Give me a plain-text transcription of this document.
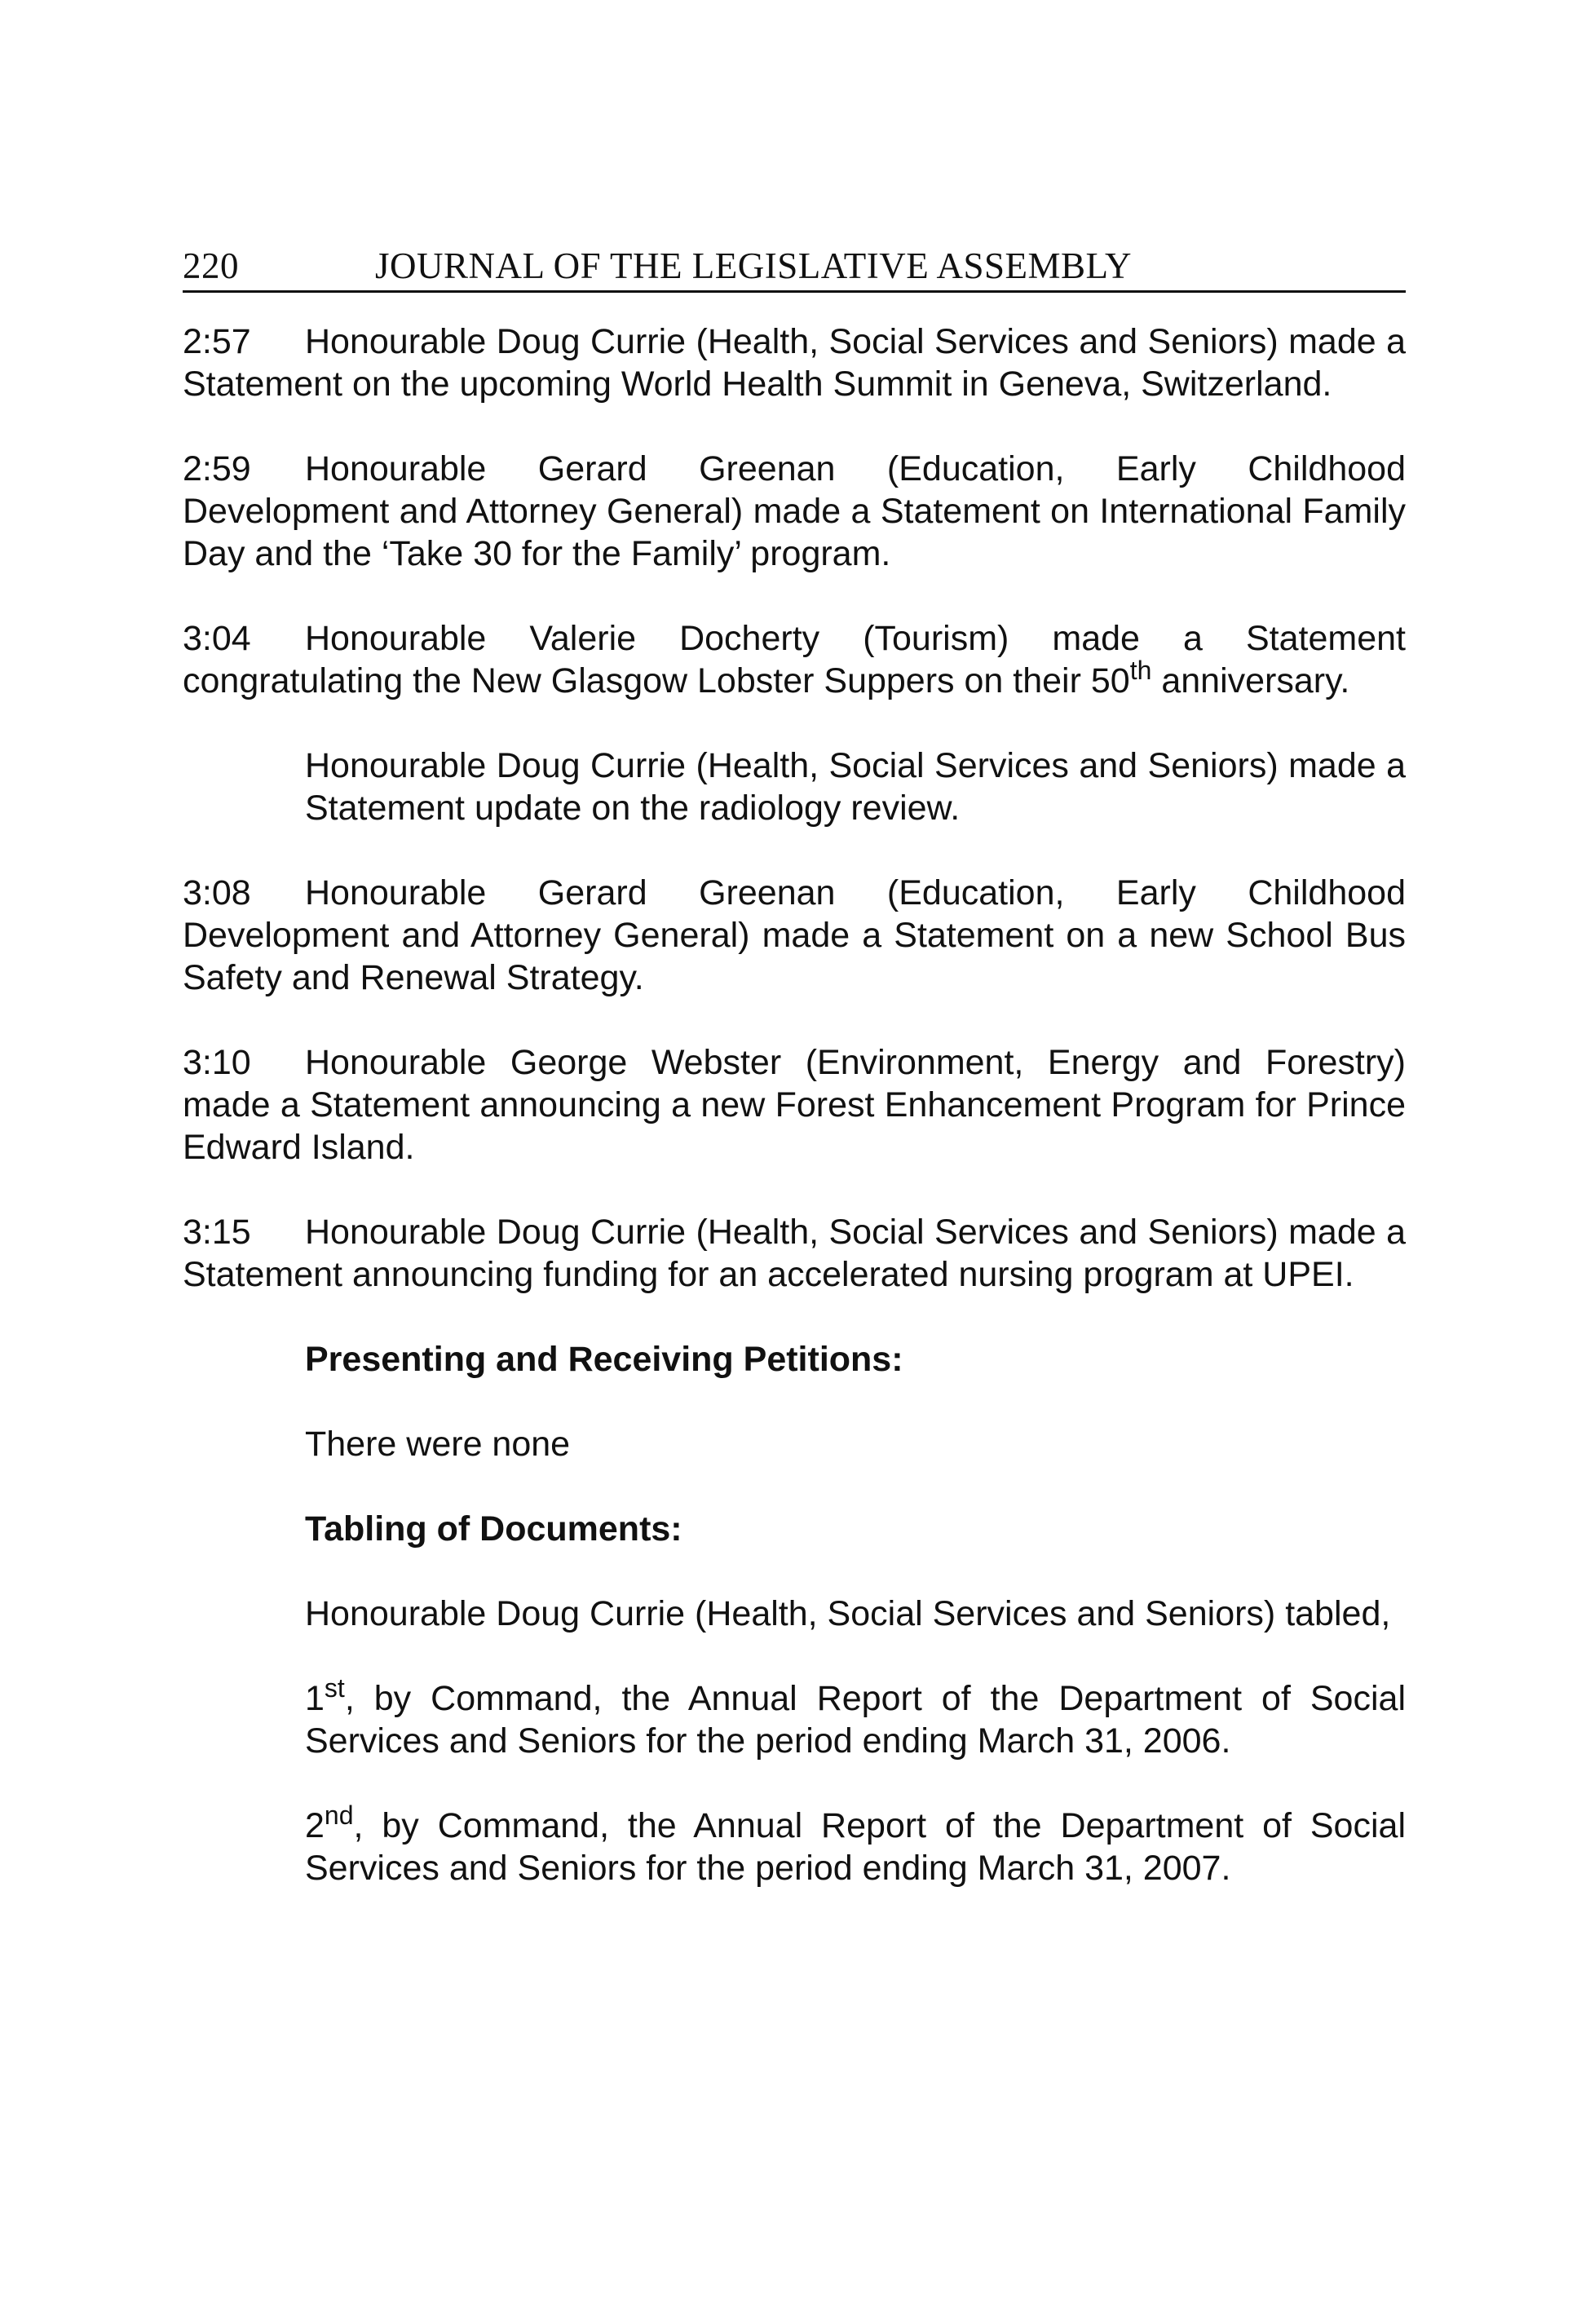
220	JOURNAL OF THE LEGISLATIVE ASSEMBLY

2:57 Honourable Doug Currie (Health, Social Services and Seniors) made a Statement on the upcoming World Health Summit in Geneva, Switzerland.

2:59 Honourable Gerard Greenan (Education, Early Childhood Development and Attorney General) made a Statement on International Family Day and the ‘Take 30 for the Family’ program.

3:04 Honourable Valerie Docherty (Tourism) made a Statement congratulating the New Glasgow Lobster Suppers on their 50th anniversary.

Honourable Doug Currie (Health, Social Services and Seniors) made a Statement update on the radiology review.

3:08 Honourable Gerard Greenan (Education, Early Childhood Development and Attorney General) made a Statement on a new School Bus Safety and Renewal Strategy.

3:10 Honourable George Webster (Environment, Energy and Forestry) made a Statement announcing a new Forest Enhancement Program for Prince Edward Island.

3:15 Honourable Doug Currie (Health, Social Services and Seniors) made a Statement announcing funding for an accelerated nursing program at UPEI.

Presenting and Receiving Petitions:
There were none
Tabling of Documents:

Honourable Doug Currie (Health, Social Services and Seniors) tabled,

1st, by Command, the Annual Report of the Department of Social Services and Seniors for the period ending March 31, 2006.

2nd, by Command, the Annual Report of the Department of Social Services and Seniors for the period ending March 31, 2007.
